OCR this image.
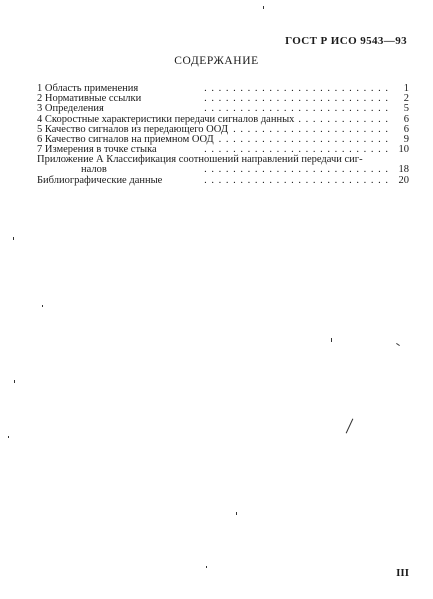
ГОСТ Р ИСО 9543—93
СОДЕРЖАНИЕ
1 Область применения . .	1
2 Нормативные ссылки . .	2
3 Определения . .	5
4 Скоростные характеристики передачи сигналов данных . .	6
5 Качество сигналов из передающего ООД . .	6
6 Качество сигналов на приемном ООД . .	9
7 Измерения в точке стыка . .	10
Приложение А Классификация соотношений направлений передачи сиг-
налов . .	18
Библиографические данные . .	20
III
